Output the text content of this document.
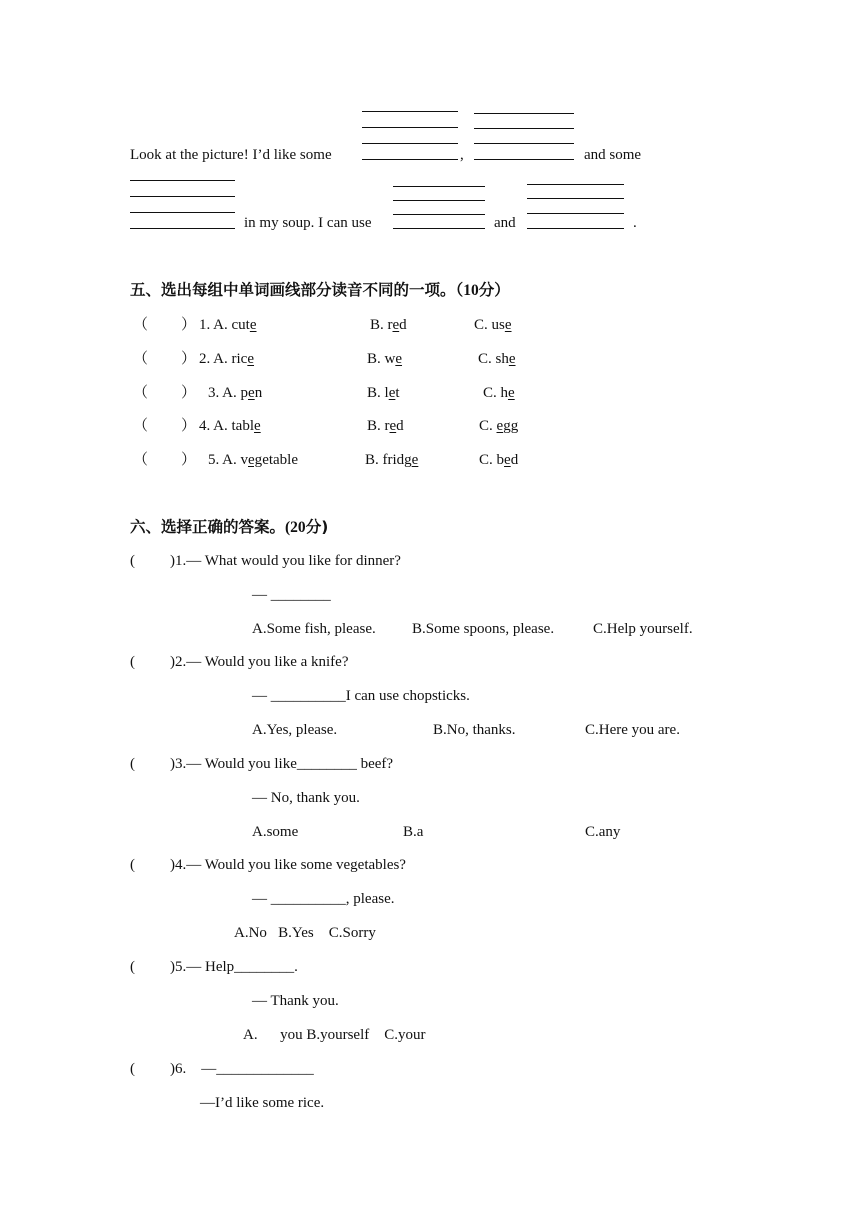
Look at the picture! I’d like some	,	and some
in my soup. I can use	and	.
五、选出每组中单词画线部分读音不同的一项。（10分）
（ ） 1. A. cute	B. red	C. use
（ ） 2. A. rice	B. we	C. she
（ ） 3. A. pen	B. let	C. he
（ ） 4. A. table	B. red	C. egg
（ ） 5. A. vegetable	B. fridge	C. bed
六、选择正确的答案。(20分)
( ) 1.— What would you like for dinner?
— ________
A.Some fish, please. B.Some spoons, please.	C.Help yourself.
( ) 2.— Would you like a knife?
— __________I can use chopsticks.
A.Yes, please.	B.No, thanks.	C.Here you are.
( ) 3.— Would you like________ beef?
— No, thank you.
A.some	B.a	C.any
( ) 4.— Would you like some vegetables?
— __________, please.
A.No   B.Yes    C.Sorry
( ) 5.— Help________.
— Thank you.
A.      you B.yourself    C.your
( ) 6.    —_____________
—I’d like some rice.
